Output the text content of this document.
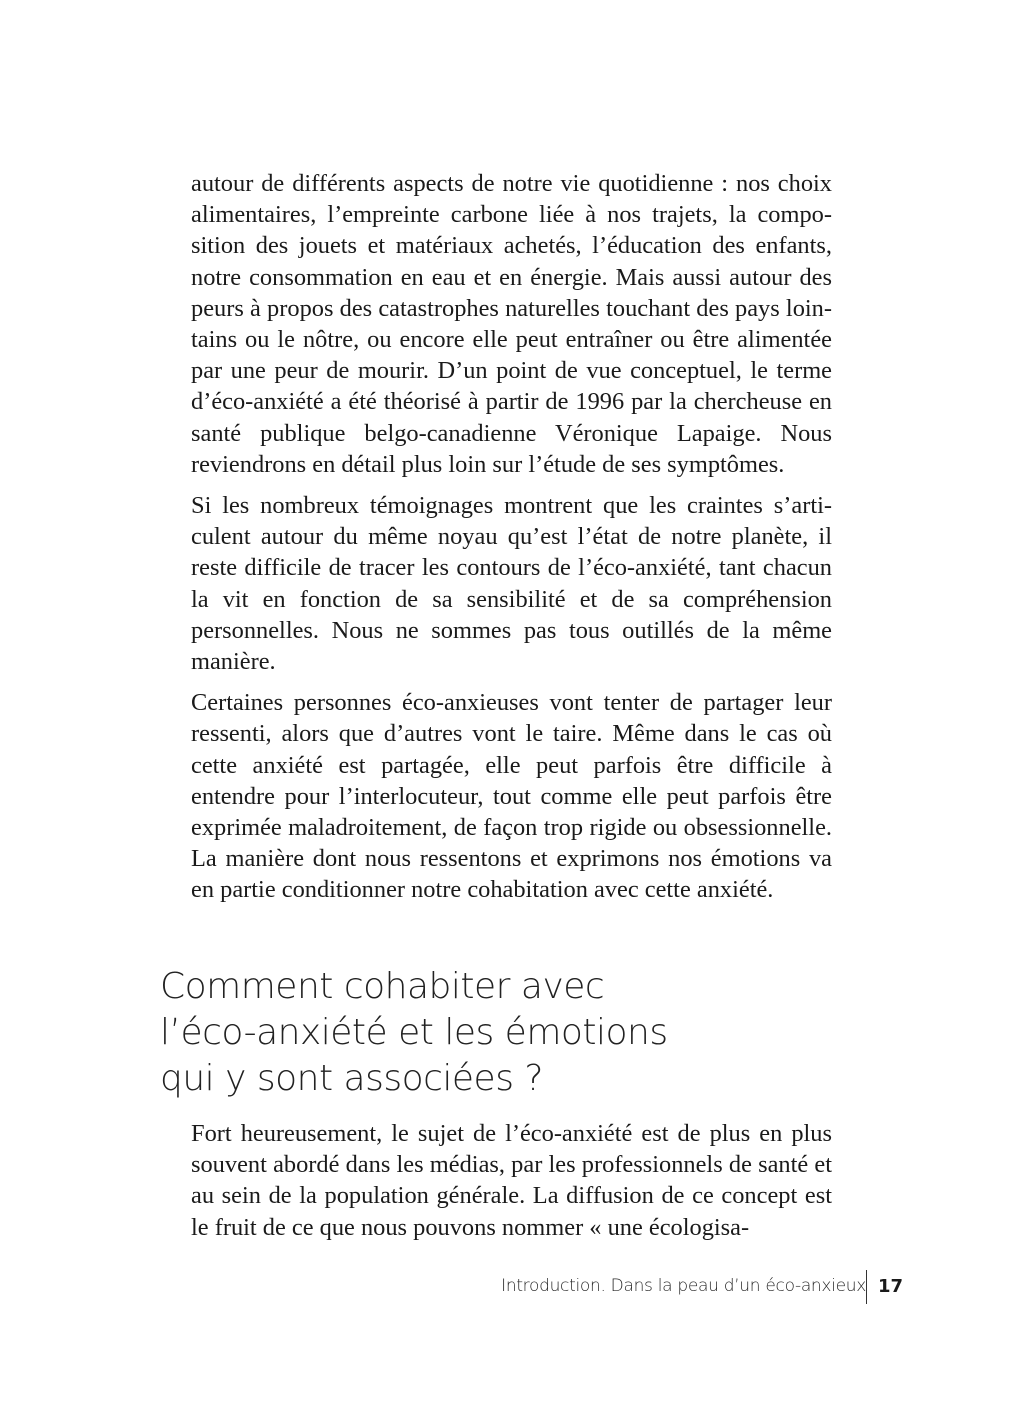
autour de différents aspects de notre vie quotidienne : nos choix alimentaires, l’empreinte carbone liée à nos trajets, la composition des jouets et matériaux achetés, l’éducation des enfants, notre consommation en eau et en énergie. Mais aussi autour des peurs à propos des catastrophes naturelles touchant des pays lointains ou le nôtre, ou encore elle peut entraîner ou être alimentée par une peur de mourir. D’un point de vue conceptuel, le terme d’éco-anxiété a été théorisé à partir de 1996 par la chercheuse en santé publique belgo-canadienne Véronique Lapaige. Nous reviendrons en détail plus loin sur l’étude de ses symptômes.

Si les nombreux témoignages montrent que les craintes s’articulent autour du même noyau qu’est l’état de notre planète, il reste difficile de tracer les contours de l’éco-anxiété, tant chacun la vit en fonction de sa sensibilité et de sa compréhension personnelles. Nous ne sommes pas tous outillés de la même manière.

Certaines personnes éco-anxieuses vont tenter de partager leur ressenti, alors que d’autres vont le taire. Même dans le cas où cette anxiété est partagée, elle peut parfois être difficile à entendre pour l’interlocuteur, tout comme elle peut parfois être exprimée maladroitement, de façon trop rigide ou obsessionnelle. La manière dont nous ressentons et exprimons nos émotions va en partie conditionner notre cohabitation avec cette anxiété.

Comment cohabiter avec
l’éco-anxiété et les émotions
qui y sont associées ?

Fort heureusement, le sujet de l’éco-anxiété est de plus en plus souvent abordé dans les médias, par les professionnels de santé et au sein de la population générale. La diffusion de ce concept est le fruit de ce que nous pouvons nommer « une écologisa-

Introduction. Dans la peau d’un éco-anxieux 17
